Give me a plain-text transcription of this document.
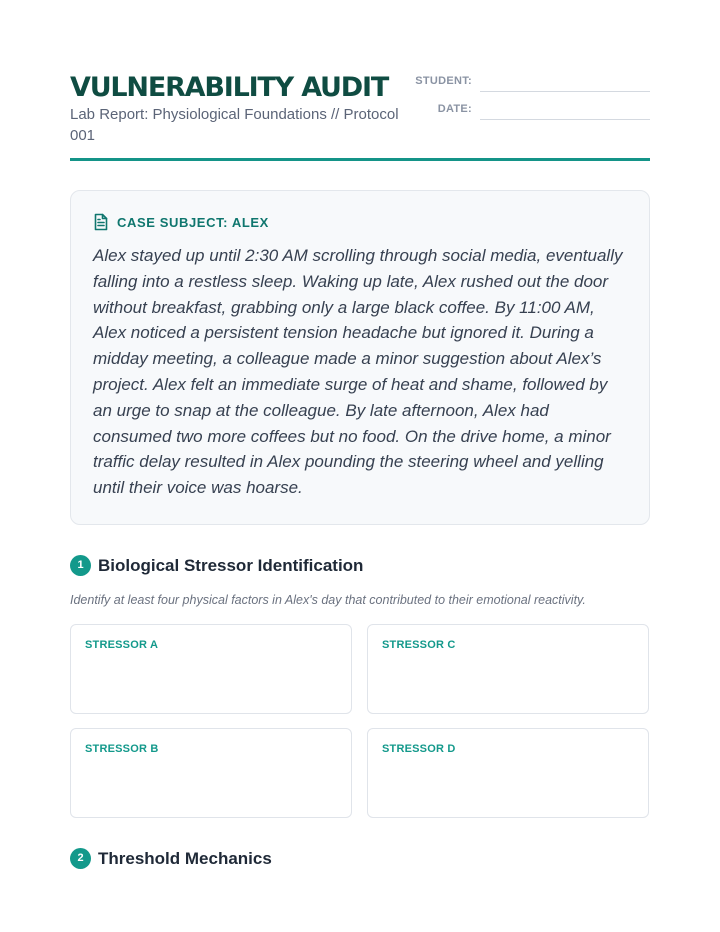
VULNERABILITY AUDIT
Lab Report: Physiological Foundations // Protocol 001
STUDENT:
DATE:
CASE SUBJECT: ALEX
Alex stayed up until 2:30 AM scrolling through social media, eventually falling into a restless sleep. Waking up late, Alex rushed out the door without breakfast, grabbing only a large black coffee. By 11:00 AM, Alex noticed a persistent tension headache but ignored it. During a midday meeting, a colleague made a minor suggestion about Alex’s project. Alex felt an immediate surge of heat and shame, followed by an urge to snap at the colleague. By late afternoon, Alex had consumed two more coffees but no food. On the drive home, a minor traffic delay resulted in Alex pounding the steering wheel and yelling until their voice was hoarse.
1 Biological Stressor Identification
Identify at least four physical factors in Alex's day that contributed to their emotional reactivity.
STRESSOR A	STRESSOR C
STRESSOR B	STRESSOR D
2 Threshold Mechanics
